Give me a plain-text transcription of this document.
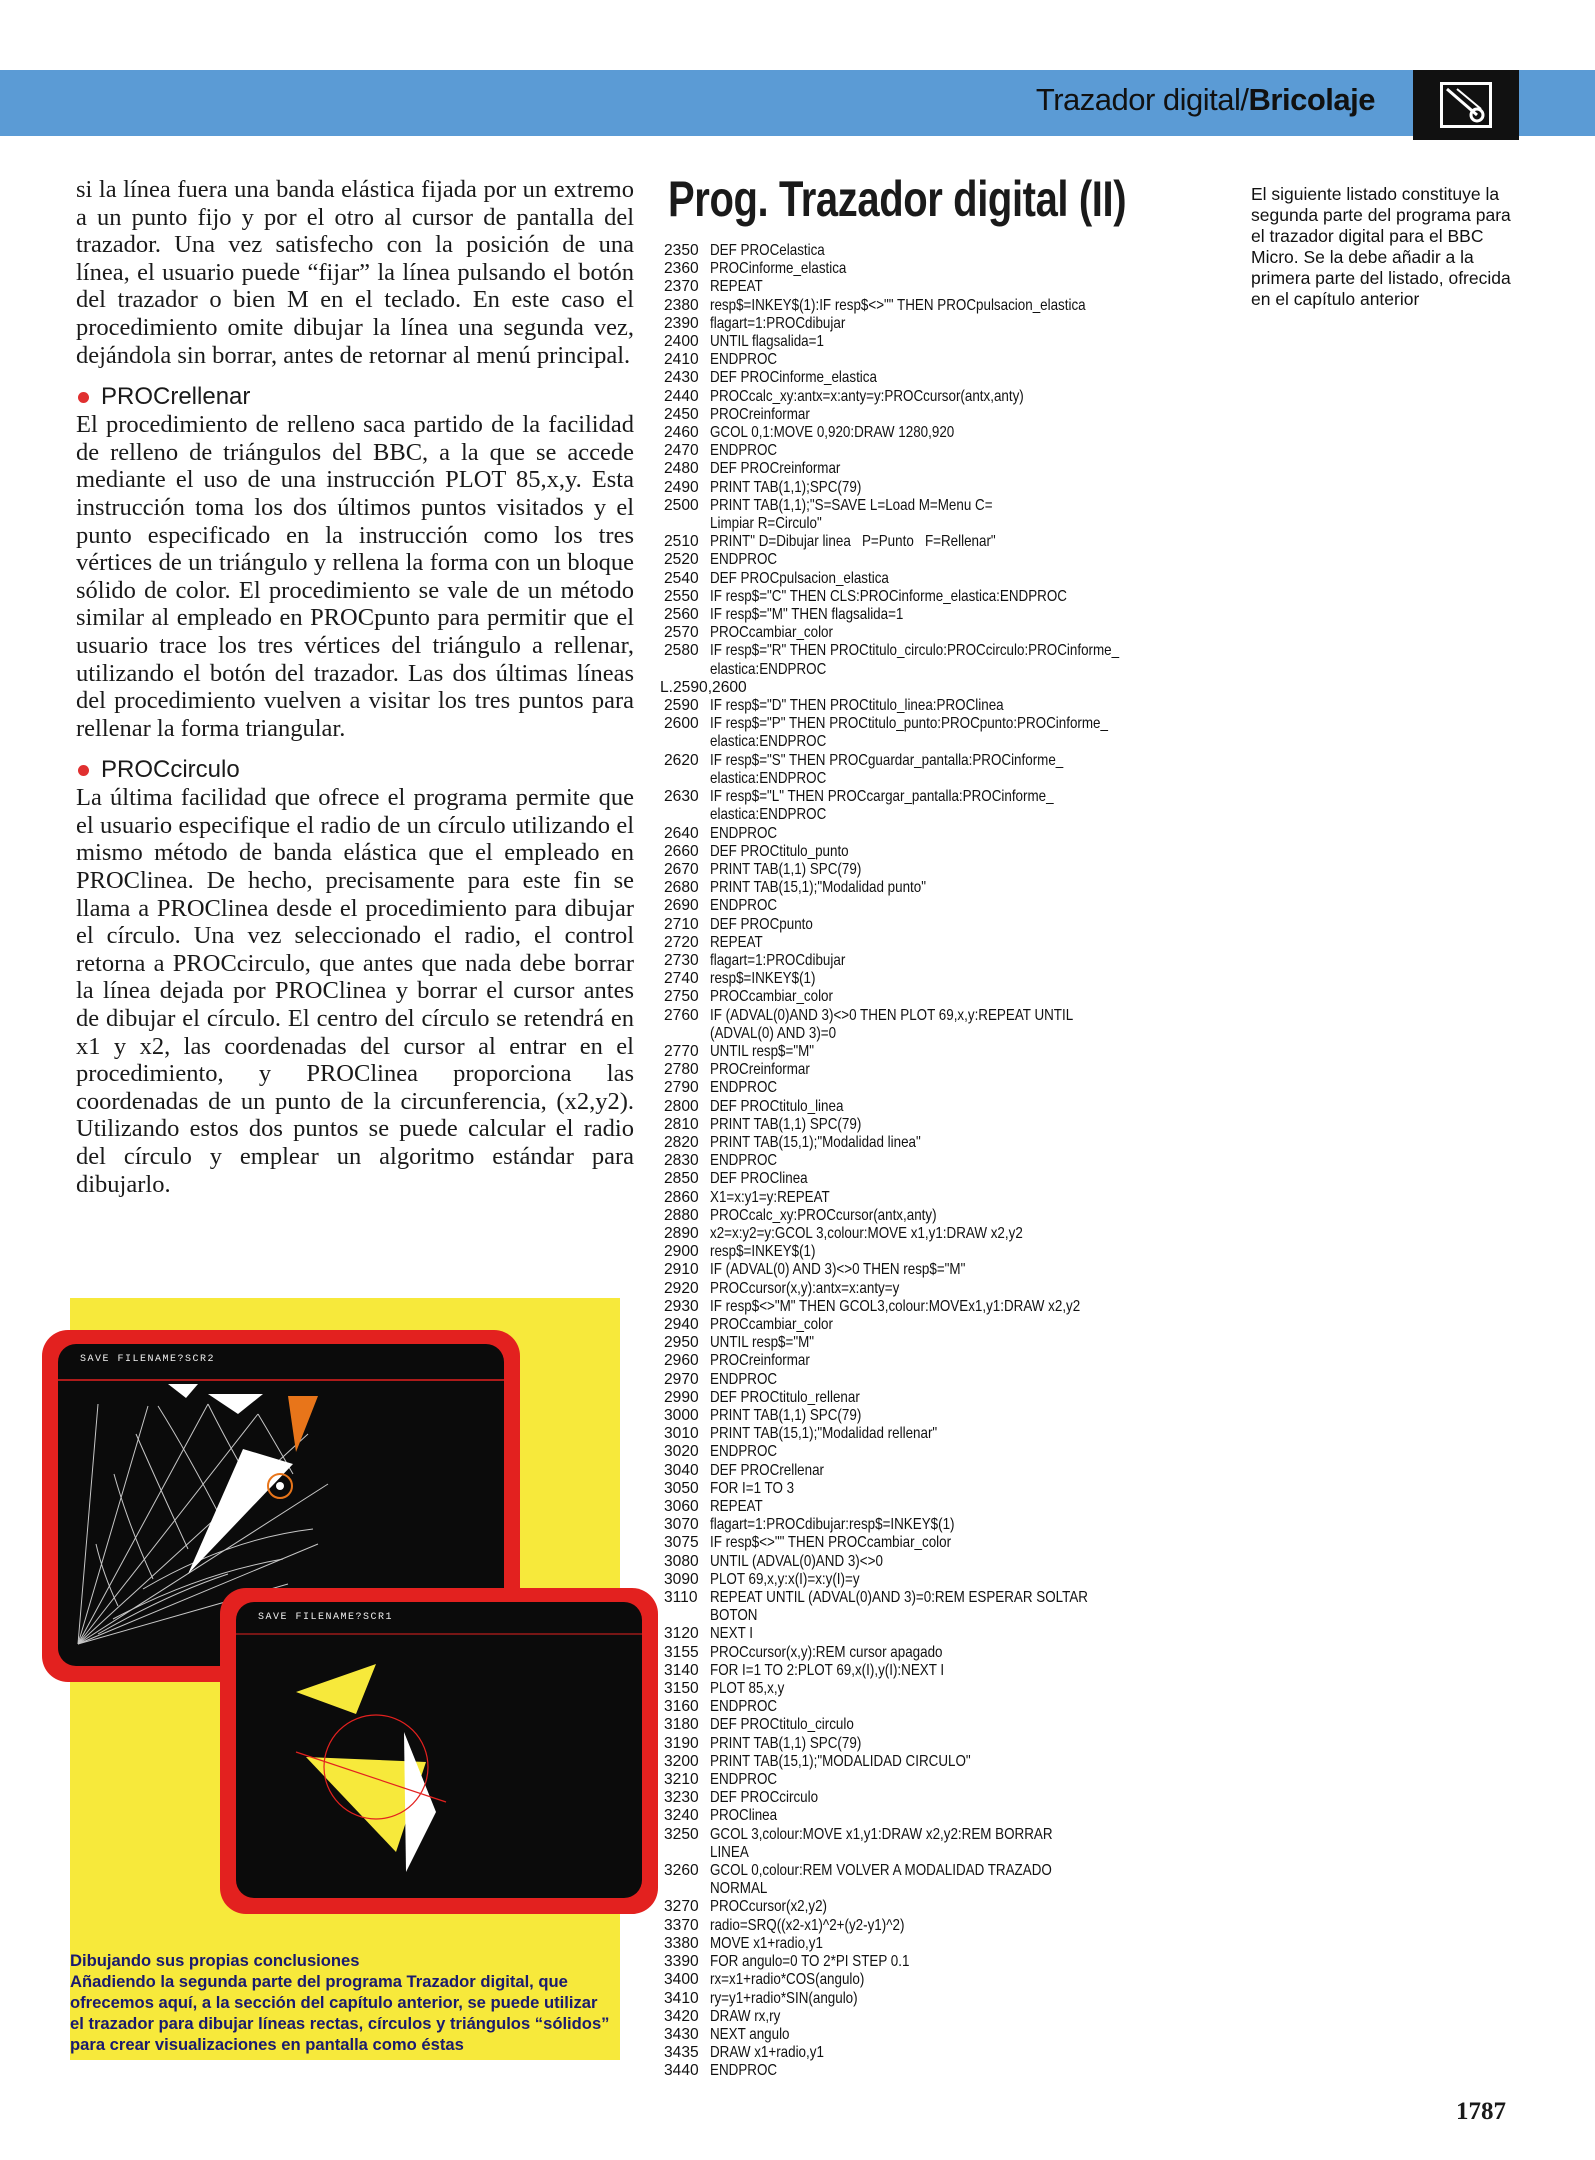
Trazador digital/Bricolaje

si la línea fuera una banda elástica fijada por un extremo a un punto fijo y por el otro al cursor de pantalla del trazador. Una vez satisfecho con la posición de una línea, el usuario puede “fijar” la línea pulsando el botón del trazador o bien M en el teclado. En este caso el procedimiento omite dibujar la línea una segunda vez, dejándola sin borrar, antes de retornar al menú principal.

PROCrellenar

El procedimiento de relleno saca partido de la facilidad de relleno de triángulos del BBC, a la que se accede mediante el uso de una instrucción PLOT 85,x,y. Esta instrucción toma los dos últimos puntos visitados y el punto especificado en la instrucción como los tres vértices de un triángulo y rellena la forma con un bloque sólido de color. El procedimiento se vale de un método similar al empleado en PROCpunto para permitir que el usuario trace los tres vértices del triángulo a rellenar, utilizando el botón del trazador. Las dos últimas líneas del procedimiento vuelven a visitar los tres puntos para rellenar la forma triangular.

PROCcirculo

La última facilidad que ofrece el programa permite que el usuario especifique el radio de un círculo utilizando el mismo método de banda elástica que el empleado en PROClinea. De hecho, precisamente para este fin se llama a PROClinea desde el procedimiento para dibujar el círculo. Una vez seleccionado el radio, el control retorna a PROCcirculo, que antes que nada debe borrar la línea dejada por PROClinea y borrar el cursor antes de dibujar el círculo. El centro del círculo se retendrá en x1 y x2, las coordenadas del cursor al entrar en el procedimiento, y PROClinea proporciona las coordenadas de un punto de la circunferencia, (x2,y2). Utilizando estos dos puntos se puede calcular el radio del círculo y emplear un algoritmo estándar para dibujarlo.

SAVE FILENAME?SCR2
SAVE FILENAME?SCR1
Dibujando sus propias conclusiones
Añadiendo la segunda parte del programa Trazador digital, que ofrecemos aquí, a la sección del capítulo anterior, se puede utilizar el trazador para dibujar líneas rectas, círculos y triángulos “sólidos” para crear visualizaciones en pantalla como éstas
Prog. Trazador digital (II)
2350 DEF PROCelastica
2360 PROCinforme_elastica
2370 REPEAT
2380 resp$=INKEY$(1):IF resp$<>"" THEN PROCpulsacion_elastica
2390 flagart=1:PROCdibujar
2400 UNTIL flagsalida=1
2410 ENDPROC
2430 DEF PROCinforme_elastica
2440 PROCcalc_xy:antx=x:anty=y:PROCcursor(antx,anty)
2450 PROCreinformar
2460 GCOL 0,1:MOVE 0,920:DRAW 1280,920
2470 ENDPROC
2480 DEF PROCreinformar
2490 PRINT TAB(1,1);SPC(79)
2500 PRINT TAB(1,1);"S=SAVE L=Load M=Menu C=
Limpiar R=Circulo"
2510 PRINT" D=Dibujar linea   P=Punto   F=Rellenar"
2520 ENDPROC
2540 DEF PROCpulsacion_elastica
2550 IF resp$="C" THEN CLS:PROCinforme_elastica:ENDPROC
2560 IF resp$="M" THEN flagsalida=1
2570 PROCcambiar_color
2580 IF resp$="R" THEN PROCtitulo_circulo:PROCcirculo:PROCinforme_
elastica:ENDPROC
L.2590,2600
2590 IF resp$="D" THEN PROCtitulo_linea:PROClinea
2600 IF resp$="P" THEN PROCtitulo_punto:PROCpunto:PROCinforme_
elastica:ENDPROC
2620 IF resp$="S" THEN PROCguardar_pantalla:PROCinforme_
elastica:ENDPROC
2630 IF resp$="L" THEN PROCcargar_pantalla:PROCinforme_
elastica:ENDPROC
2640 ENDPROC
2660 DEF PROCtitulo_punto
2670 PRINT TAB(1,1) SPC(79)
2680 PRINT TAB(15,1);"Modalidad punto"
2690 ENDPROC
2710 DEF PROCpunto
2720 REPEAT
2730 flagart=1:PROCdibujar
2740 resp$=INKEY$(1)
2750 PROCcambiar_color
2760 IF (ADVAL(0)AND 3)<>0 THEN PLOT 69,x,y:REPEAT UNTIL
(ADVAL(0) AND 3)=0
2770 UNTIL resp$="M"
2780 PROCreinformar
2790 ENDPROC
2800 DEF PROCtitulo_linea
2810 PRINT TAB(1,1) SPC(79)
2820 PRINT TAB(15,1);"Modalidad linea"
2830 ENDPROC
2850 DEF PROClinea
2860 X1=x:y1=y:REPEAT
2880 PROCcalc_xy:PROCcursor(antx,anty)
2890 x2=x:y2=y:GCOL 3,colour:MOVE x1,y1:DRAW x2,y2
2900 resp$=INKEY$(1)
2910 IF (ADVAL(0) AND 3)<>0 THEN resp$="M"
2920 PROCcursor(x,y):antx=x:anty=y
2930 IF resp$<>"M" THEN GCOL3,colour:MOVEx1,y1:DRAW x2,y2
2940 PROCcambiar_color
2950 UNTIL resp$="M"
2960 PROCreinformar
2970 ENDPROC
2990 DEF PROCtitulo_rellenar
3000 PRINT TAB(1,1) SPC(79)
3010 PRINT TAB(15,1);"Modalidad rellenar"
3020 ENDPROC
3040 DEF PROCrellenar
3050 FOR I=1 TO 3
3060 REPEAT
3070 flagart=1:PROCdibujar:resp$=INKEY$(1)
3075 IF resp$<>"" THEN PROCcambiar_color
3080 UNTIL (ADVAL(0)AND 3)<>0
3090 PLOT 69,x,y:x(I)=x:y(I)=y
3110 REPEAT UNTIL (ADVAL(0)AND 3)=0:REM ESPERAR SOLTAR
BOTON
3120 NEXT I
3155 PROCcursor(x,y):REM cursor apagado
3140 FOR I=1 TO 2:PLOT 69,x(I),y(I):NEXT I
3150 PLOT 85,x,y
3160 ENDPROC
3180 DEF PROCtitulo_circulo
3190 PRINT TAB(1,1) SPC(79)
3200 PRINT TAB(15,1);"MODALIDAD CIRCULO"
3210 ENDPROC
3230 DEF PROCcirculo
3240 PROClinea
3250 GCOL 3,colour:MOVE x1,y1:DRAW x2,y2:REM BORRAR
LINEA
3260 GCOL 0,colour:REM VOLVER A MODALIDAD TRAZADO
NORMAL
3270 PROCcursor(x2,y2)
3370 radio=SRQ((x2-x1)^2+(y2-y1)^2)
3380 MOVE x1+radio,y1
3390 FOR angulo=0 TO 2*PI STEP 0.1
3400 rx=x1+radio*COS(angulo)
3410 ry=y1+radio*SIN(angulo)
3420 DRAW rx,ry
3430 NEXT angulo
3435 DRAW x1+radio,y1
3440 ENDPROC
El siguiente listado constituye la segunda parte del programa para el trazador digital para el BBC Micro. Se la debe añadir a la primera parte del listado, ofrecida en el capítulo anterior
1787
